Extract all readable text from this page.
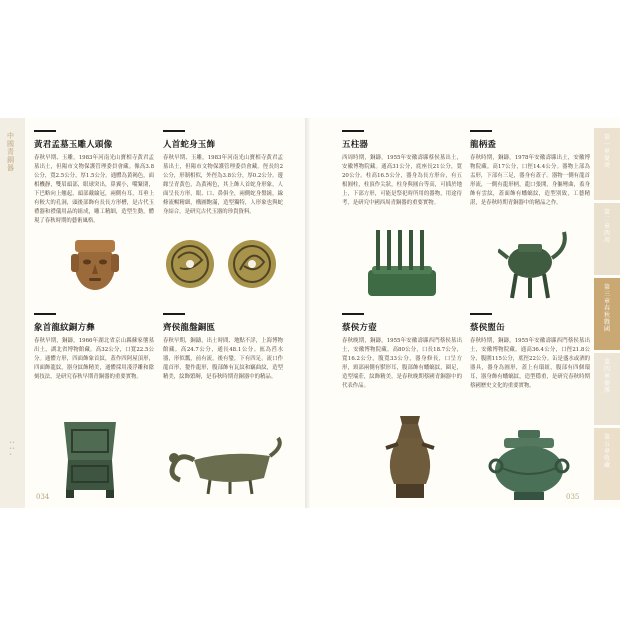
中國青銅器
•••••
第一章 夏商
第二章 西周
第三章 春秋戰國
第四章 秦漢
第五章 收藏
黃君孟墓玉雕人頭像
春秋早期、玉雕，1983年河南光山寶相寺黃君孟墓出土，但陽市文物保護管理委員會藏。像高3.8公分，寬2.5公分，厚1.5公分。通體為黃褐色，面相機靜，雙眉頭部，眼球突出，鼻翼小，嘴緊閉，下巴略向上翹起，頭部戴綸冠，兩側有耳，耳垂上有較大的孔洞，頭後部飾有長長方形槽，是古代玉禮器和禮儀用品的組成，雕工精細，造型生動，體現了春秋時期的藝術風格。
人首蛇身玉飾
春秋早期、玉雕，1983年河南光山寶相寺黃君孟墓出土，但陽市文物保護管理委員會藏。徑長約2公分，形制相似，外徑為3.8公分，厚0.2公分。邊緣呈青黃色，為黃褐色，其上飾人首蛇身形象，人面呈長方形，眼、口、鼻俱全，兩側蛇身盤繞，線條流暢精細，構圖飽滿，造型獨特，人形象也與蛇身結合，是研究古代玉器的珍貴資料。
五柱器
西周時期，銅鑄，1955年安徽壽縣蔡侯墓出土，安徽博物院藏。通高31公分，底座長21公分，寬20公分。柱高16.5公分，器身為長方形台，有五根圓柱，柱頂作尖狀，柱身與圓台等高，可插於地上，下部方形，可能是祭祀時所用的器物，用途待考，是研究中國西周青銅器的重要實物。
龍柄盉
春秋時期，銅鑄，1978年安徽壽縣出土，安徽博物院藏。高17公分，口徑14.4公分。器物上部為盂形，下部有三足，器身有蓋子。器物一側有龍首形流，一側有龍形柄，龍口張開，身軀彎曲，盉身飾有雲紋，蓋面飾有蟠螭紋，造型別致，工藝精湛，是春秋時期青銅器中的精品之作。
象首龍紋銅方彝
春秋早期，銅鑄，1966年湖北省京山縣蘇家壟墓出土，湖北省博物館藏。高32公分，口寬22.5公分。通體方形，四面飾象首紋，蓋作四阿屋頂形，四面飾龍紋，器身紋飾精美，通體採用淺浮雕和陰刻技法，是研究春秋早期青銅器的重要實物。
齊侯龍盤銅匜
春秋早期，銅鑄，出土時間、地點不詳，上海博物館藏。高24.7公分，通長48.1公分。匜為舀水器，形似瓢，前有流，後有鋬，下有四足。流口作龍首形，鋬作龍形，腹部飾有瓦紋和竊曲紋，造型精美，紋飾繁縟，是春秋時期青銅器中的精品。
蔡侯方壺
春秋晚期，銅鑄，1955年安徽壽縣西門蔡侯墓出土，安徽博物院藏。高80公分，口長18.7公分，寬16.2公分，腹寬33公分，器身修長，口呈方形，頸部兩側有獸形耳，腹部飾有蟠螭紋，圈足，造型端莊，紋飾精美，是春秋晚期蔡國青銅器中的代表作品。
蔡侯盥缶
春秋時期，銅鑄，1955年安徽壽縣西門蔡侯墓出土，安徽博物院藏。通高36.4公分，口徑21.8公分，腹圍115公分，底徑22公分。缶是盛水或酒的器具，器身為圓形，蓋上有環紐，腹部有四個環耳，器身飾有蟠螭紋，造型穩重，是研究春秋時期蔡國歷史文化的重要實物。
034	035
